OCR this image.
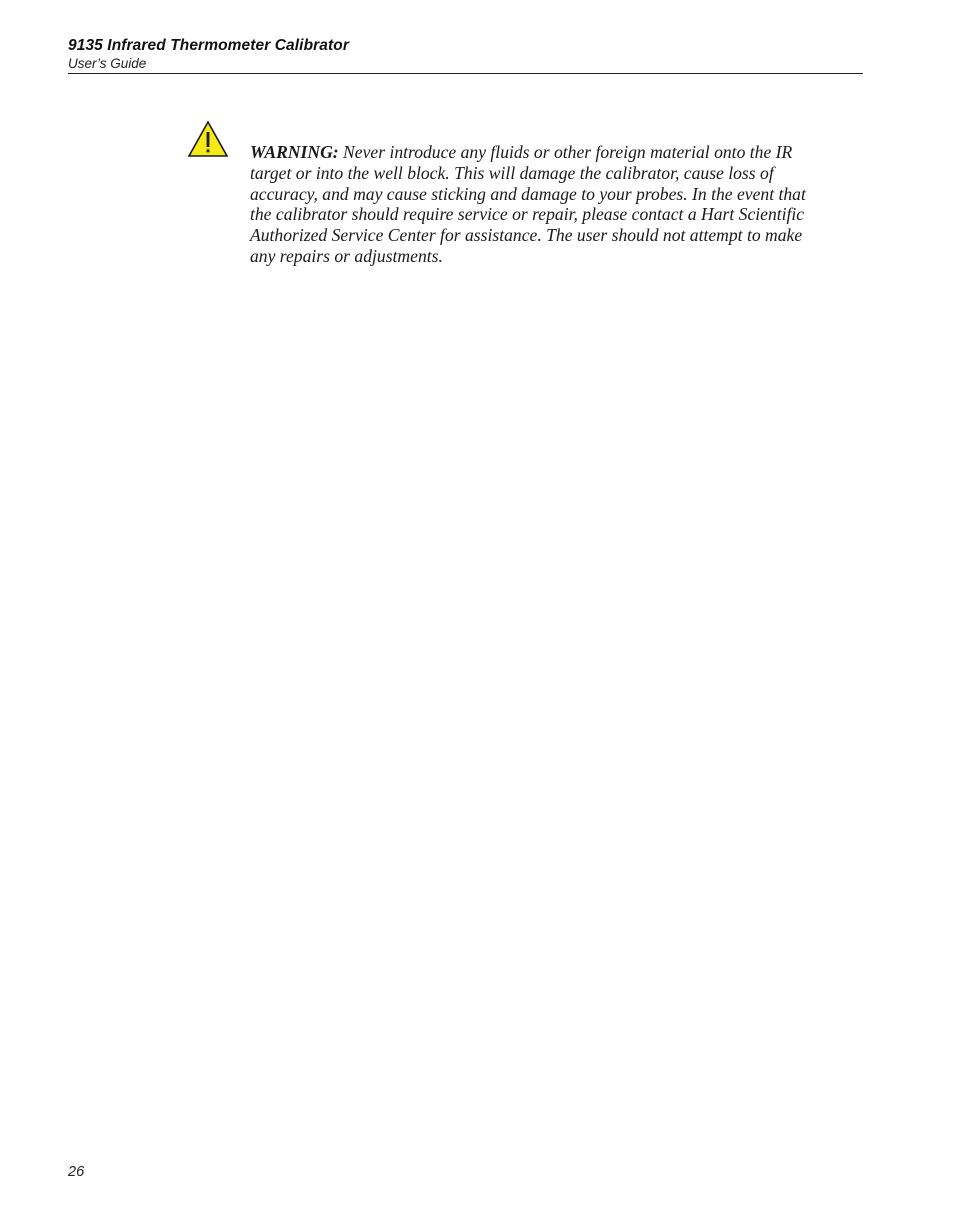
9135 Infrared Thermometer Calibrator
User’s Guide
WARNING: Never introduce any fluids or other foreign material onto the IR target or into the well block. This will damage the calibrator, cause loss of accuracy, and may cause sticking and damage to your probes. In the event that the calibrator should require service or repair, please contact a Hart Scientific Authorized Service Center for assistance. The user should not attempt to make any repairs or adjustments.
26
